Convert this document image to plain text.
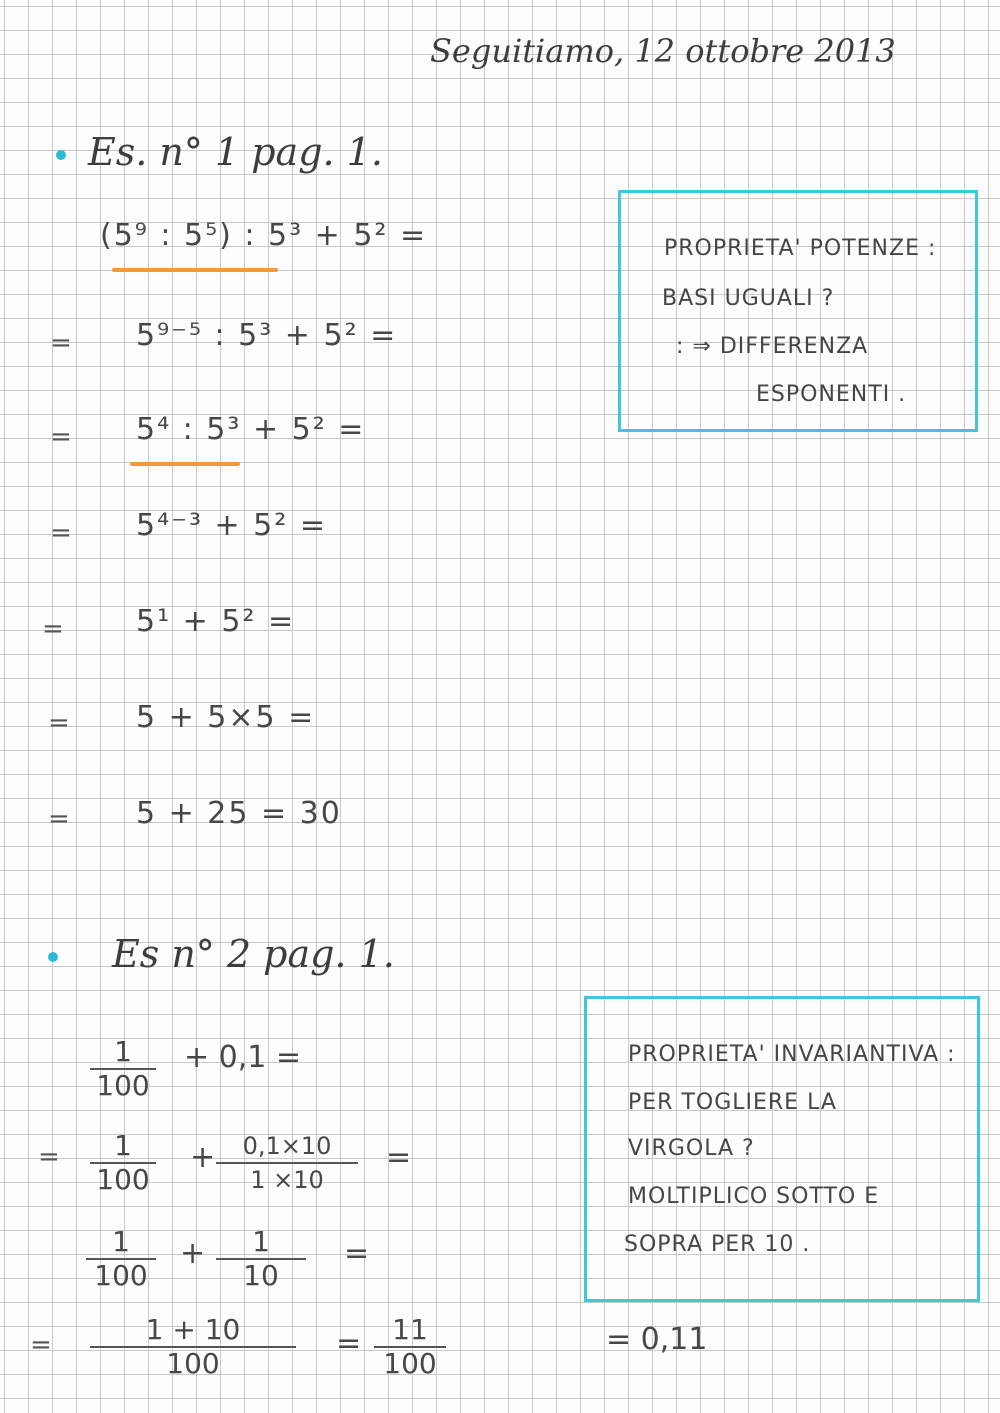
Seguitiamo, 12 ottobre 2013
Es. n° 1 pag. 1.
(5⁹ : 5⁵) : 5³ + 5² =
= 5⁹⁻⁵ : 5³ + 5² =
= 5⁴ : 5³ + 5² =
= 5⁴⁻³ + 5² =
= 5¹ + 5² =
= 5 + 5×5 =
= 5 + 25 = 30
PROPRIETA' POTENZE :
BASI UGUALI ?
: ⇒ DIFFERENZA
ESPONENTI .
Es n° 2 pag. 1.
1
100
+ 0,1 =
= 1
100
+ 0,1×10
1 ×10
=
1
100
+ 1
10
=
=	1 + 10
100
= 11
100
= 0,11
PROPRIETA' INVARIANTIVA :
PER TOGLIERE LA
VIRGOLA ?
MOLTIPLICO SOTTO E
SOPRA PER 10 .
